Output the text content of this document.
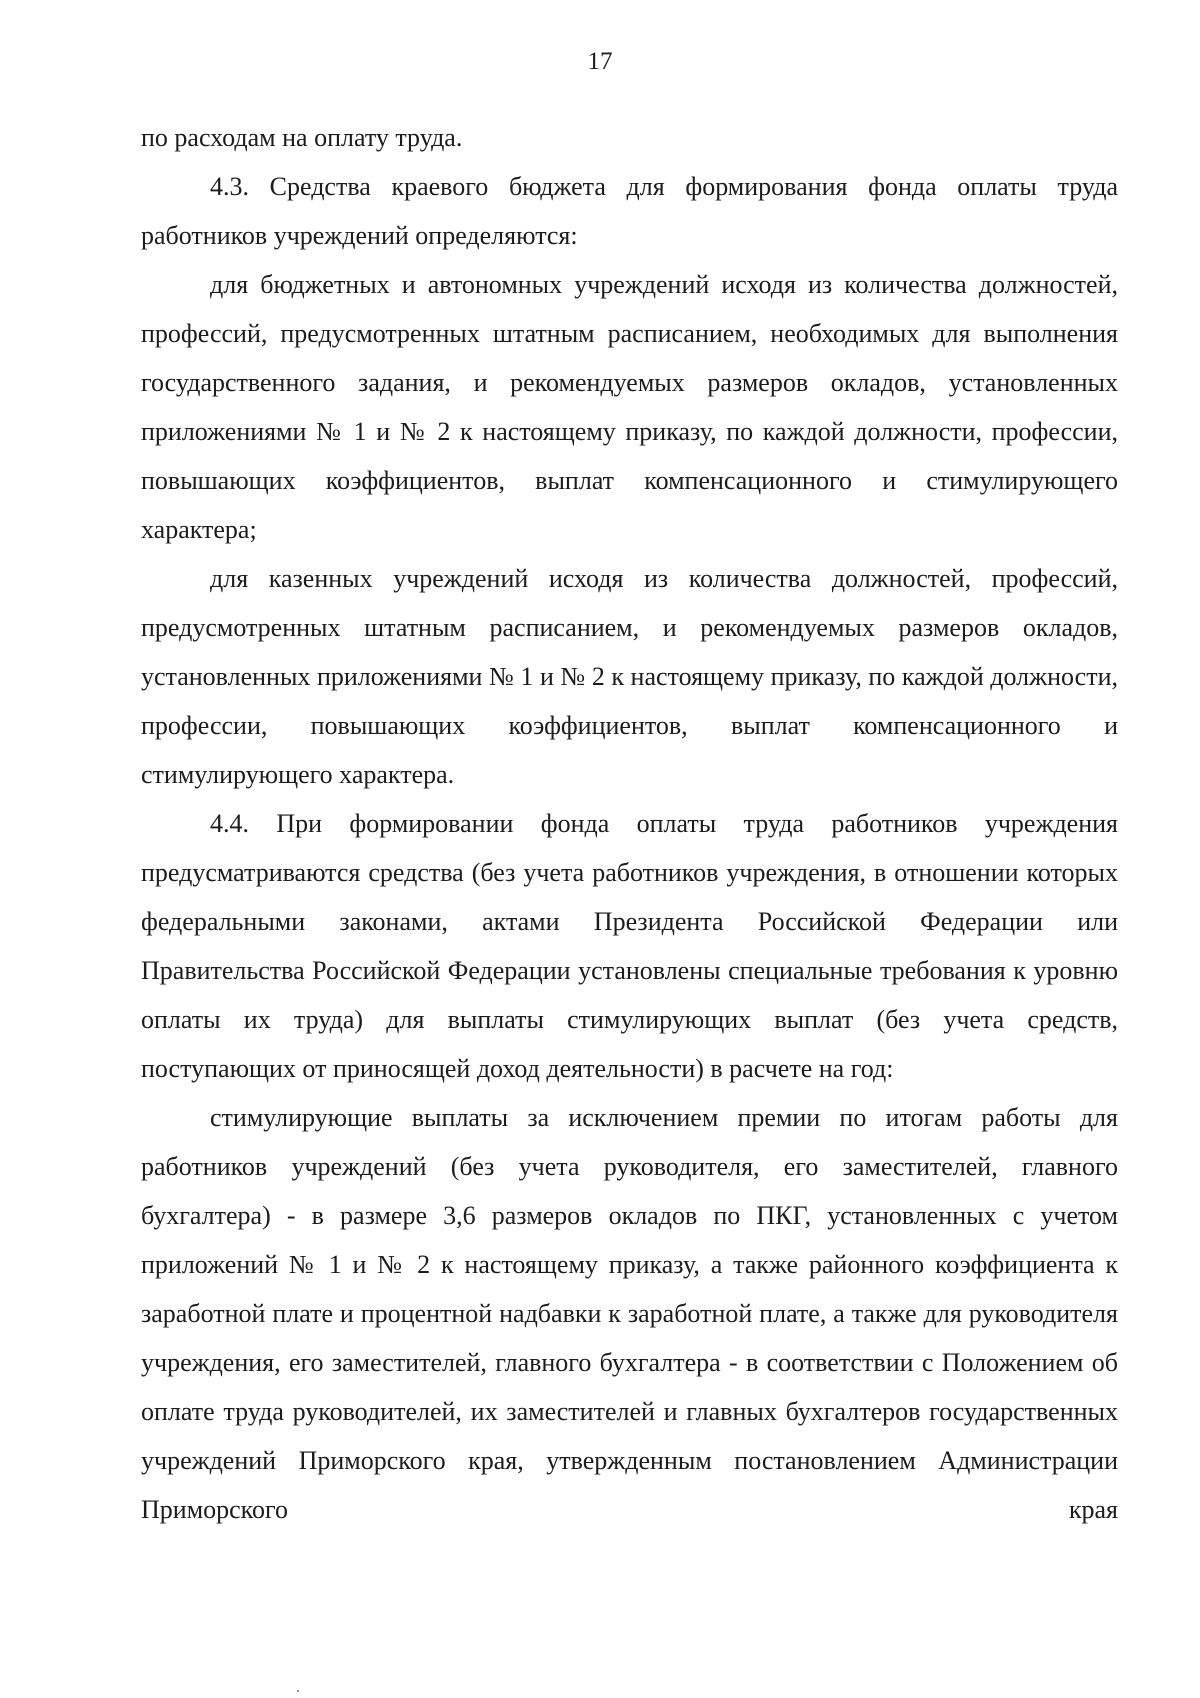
17

по расходам на оплату труда.

4.3. Средства краевого бюджета для формирования фонда оплаты труда работников учреждений определяются:

для бюджетных и автономных учреждений исходя из количества должностей, профессий, предусмотренных штатным расписанием, необходимых для выполнения государственного задания, и рекомендуемых размеров окладов, установленных приложениями № 1 и № 2 к настоящему приказу, по каждой должности, профессии, повышающих коэффициентов, выплат компенсационного и стимулирующего характера;

для казенных учреждений исходя из количества должностей, профессий, предусмотренных штатным расписанием, и рекомендуемых размеров окладов, установленных приложениями № 1 и № 2 к настоящему приказу, по каждой должности, профессии, повышающих коэффициентов, выплат компенсационного и стимулирующего характера.

4.4. При формировании фонда оплаты труда работников учреждения предусматриваются средства (без учета работников учреждения, в отношении которых федеральными законами, актами Президента Российской Федерации или Правительства Российской Федерации установлены специальные требования к уровню оплаты их труда) для выплаты стимулирующих выплат (без учета средств, поступающих от приносящей доход деятельности) в расчете на год:

стимулирующие выплаты за исключением премии по итогам работы для работников учреждений (без учета руководителя, его заместителей, главного бухгалтера) - в размере 3,6 размеров окладов по ПКГ, установленных с учетом приложений № 1 и № 2 к настоящему приказу, а также районного коэффициента к заработной плате и процентной надбавки к заработной плате, а также для руководителя учреждения, его заместителей, главного бухгалтера - в соответствии с Положением об оплате труда руководителей, их заместителей и главных бухгалтеров государственных учреждений Приморского края, утвержденным постановлением Администрации Приморского края
